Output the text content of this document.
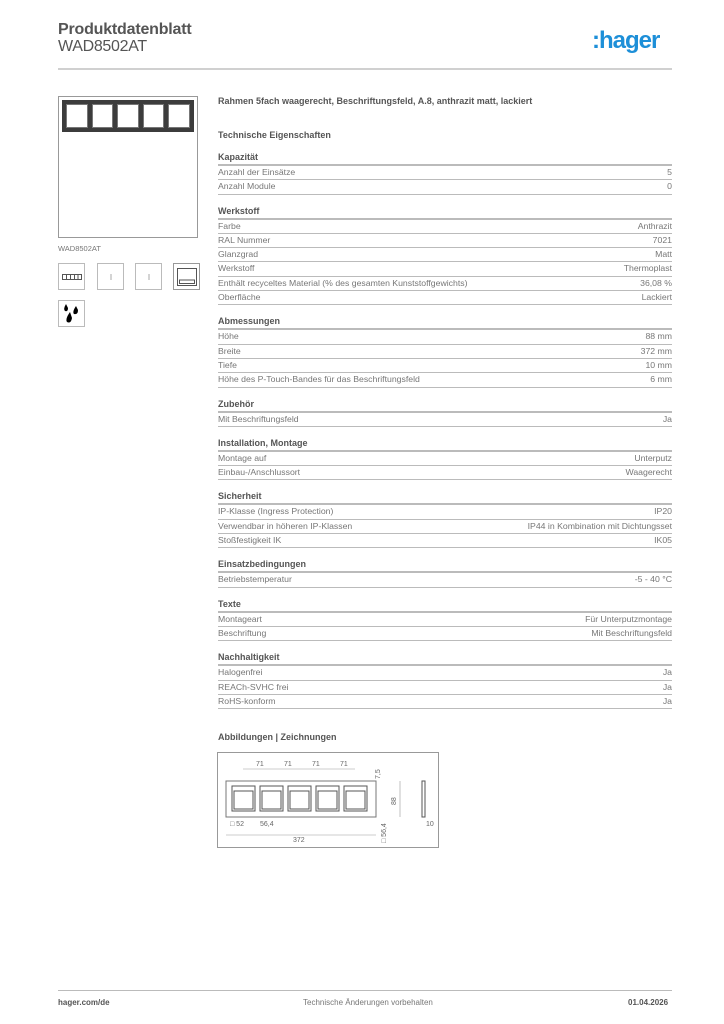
Produktdatenblatt
WAD8502AT	:hager
WAD8502AT
Rahmen 5fach waagerecht, Beschriftungsfeld, A.8, anthrazit matt, lackiert
Technische Eigenschaften
Kapazität
Anzahl der Einsätze	5
Anzahl Module	0
Werkstoff
Farbe	Anthrazit
RAL Nummer	7021
Glanzgrad	Matt
Werkstoff	Thermoplast
Enthält recyceltes Material (% des gesamten Kunststoffgewichts)	36,08 %
Oberfläche	Lackiert
Abmessungen
Höhe	88 mm
Breite	372 mm
Tiefe	10 mm
Höhe des P-Touch-Bandes für das Beschriftungsfeld	6 mm
Zubehör
Mit Beschriftungsfeld	Ja
Installation, Montage
Montage auf	Unterputz
Einbau-/Anschlussort	Waagerecht
Sicherheit
IP-Klasse (Ingress Protection)	IP20
Verwendbar in höheren IP-Klassen	IP44 in Kombination mit Dichtungsset
Stoßfestigkeit IK	IK05
Einsatzbedingungen
Betriebstemperatur	-5 - 40 °C
Texte
Montageart	Für Unterputzmontage
Beschriftung	Mit Beschriftungsfeld
Nachhaltigkeit
Halogenfrei	Ja
REACh-SVHC frei	Ja
RoHS-konform	Ja
Abbildungen | Zeichnungen
71	71	71	71
7,5
88
□ 52 56,4
372	□ 56,4	10
hager.com/de	Technische Änderungen vorbehalten	01.04.2026
